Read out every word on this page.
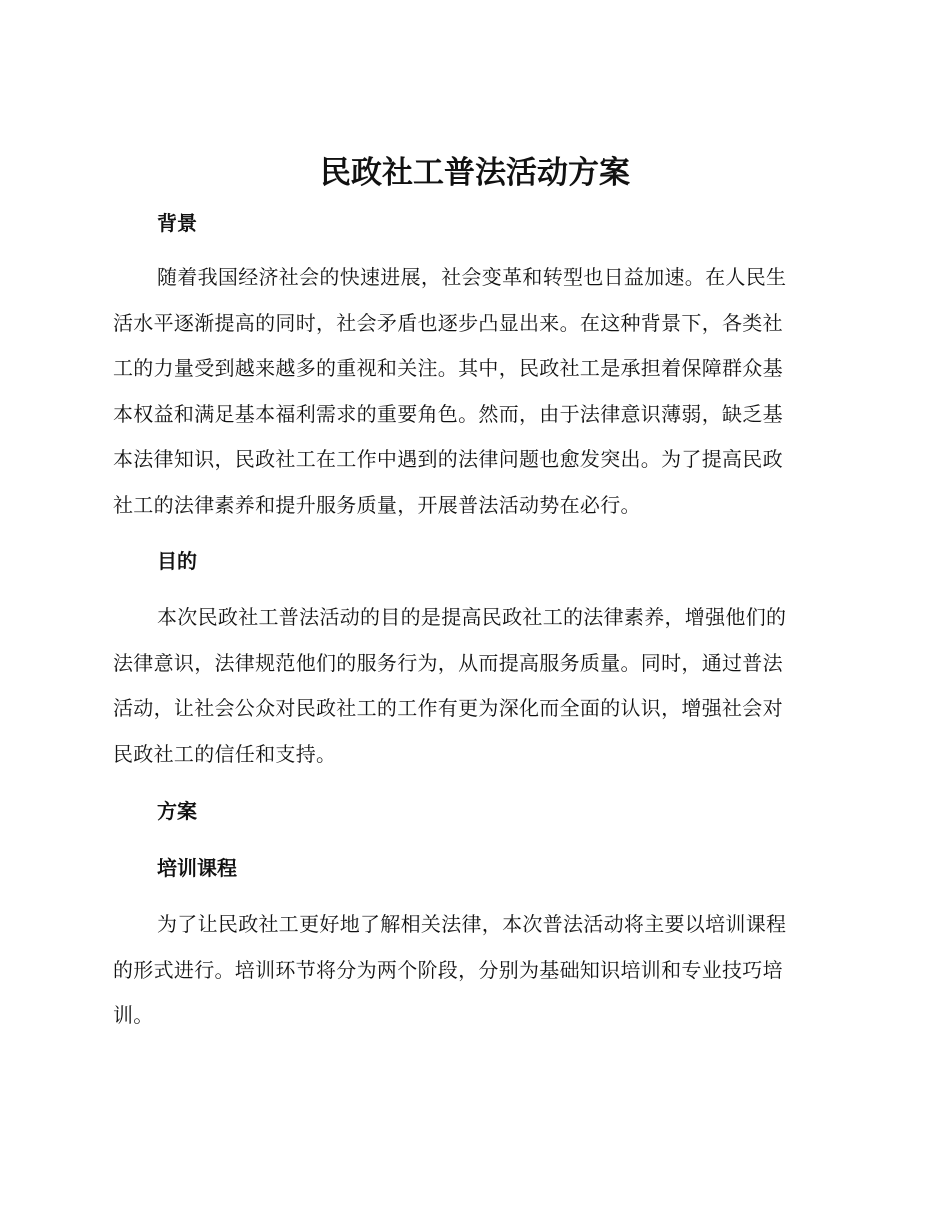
民政社工普法活动方案
背景

随着我国经济社会的快速进展，社会变革和转型也日益加速。在人民生
活水平逐渐提高的同时，社会矛盾也逐步凸显出来。在这种背景下，各类社
工的力量受到越来越多的重视和关注。其中，民政社工是承担着保障群众基
本权益和满足基本福利需求的重要角色。然而，由于法律意识薄弱，缺乏基
本法律知识，民政社工在工作中遇到的法律问题也愈发突出。为了提高民政
社工的法律素养和提升服务质量，开展普法活动势在必行。

目的

本次民政社工普法活动的目的是提高民政社工的法律素养，增强他们的
法律意识，法律规范他们的服务行为，从而提高服务质量。同时，通过普法
活动，让社会公众对民政社工的工作有更为深化而全面的认识，增强社会对
民政社工的信任和支持。

方案
培训课程

为了让民政社工更好地了解相关法律，本次普法活动将主要以培训课程
的形式进行。培训环节将分为两个阶段，分别为基础知识培训和专业技巧培
训。
